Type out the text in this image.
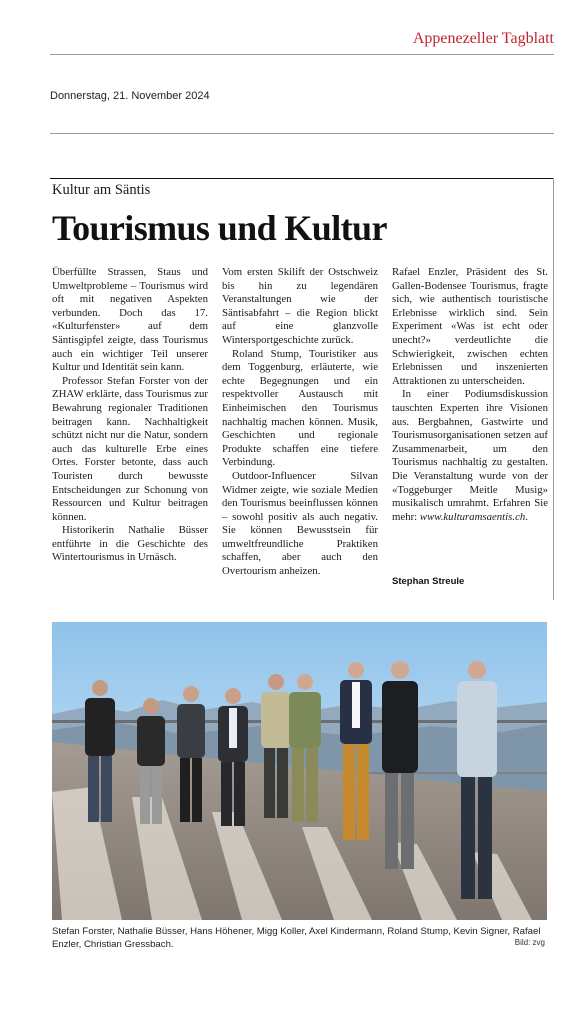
Appenezeller Tagblatt
Donnerstag, 21. November 2024
Kultur am Säntis
Tourismus und Kultur

Überfüllte Strassen, Staus und Umweltprobleme – Tourismus wird oft mit negativen Aspekten verbunden. Doch das 17. «Kulturfenster» auf dem Säntisgipfel zeigte, dass Tourismus auch ein wichtiger Teil unserer Kultur und Identität sein kann.

Professor Stefan Forster von der ZHAW erklärte, dass Tourismus zur Bewahrung regionaler Traditionen beitragen kann. Nachhaltigkeit schützt nicht nur die Natur, sondern auch das kulturelle Erbe eines Ortes. Forster betonte, dass auch Touristen durch bewusste Entscheidungen zur Schonung von Ressourcen und Kultur beitragen können.

Historikerin Nathalie Büsser entführte in die Geschichte des Wintertourismus in Urnäsch.

Vom ersten Skilift der Ostschweiz bis hin zu legendären Veranstaltungen wie der Säntisabfahrt – die Region blickt auf eine glanzvolle Wintersportgeschichte zurück.

Roland Stump, Touristiker aus dem Toggenburg, erläuterte, wie echte Begegnungen und ein respektvoller Austausch mit Einheimischen den Tourismus nachhaltig machen können. Musik, Geschichten und regionale Produkte schaffen eine tiefere Verbindung.

Outdoor-Influencer Silvan Widmer zeigte, wie soziale Medien den Tourismus beeinflussen können – sowohl positiv als auch negativ. Sie können Bewusstsein für umweltfreundliche Praktiken schaffen, aber auch den Overtourism anheizen.

Rafael Enzler, Präsident des St. Gallen-Bodensee Tourismus, fragte sich, wie authentisch touristische Erlebnisse wirklich sind. Sein Experiment «Was ist echt oder unecht?» verdeutlichte die Schwierigkeit, zwischen echten Erlebnissen und inszenierten Attraktionen zu unterscheiden.

In einer Podiumsdiskussion tauschten Experten ihre Visionen aus. Bergbahnen, Gastwirte und Tourismusorganisationen setzen auf Zusammenarbeit, um den Tourismus nachhaltig zu gestalten. Die Veranstaltung wurde von der «Toggeburger Meitle Musig» musikalisch umrahmt. Erfahren Sie mehr: www.kulturamsaentis.ch.

Stephan Streule
Stefan Forster, Nathalie Büsser, Hans Höhener, Migg Koller, Axel Kindermann, Roland Stump, Kevin Signer, Rafael Enzler, Christian Gressbach.	Bild: zvg
